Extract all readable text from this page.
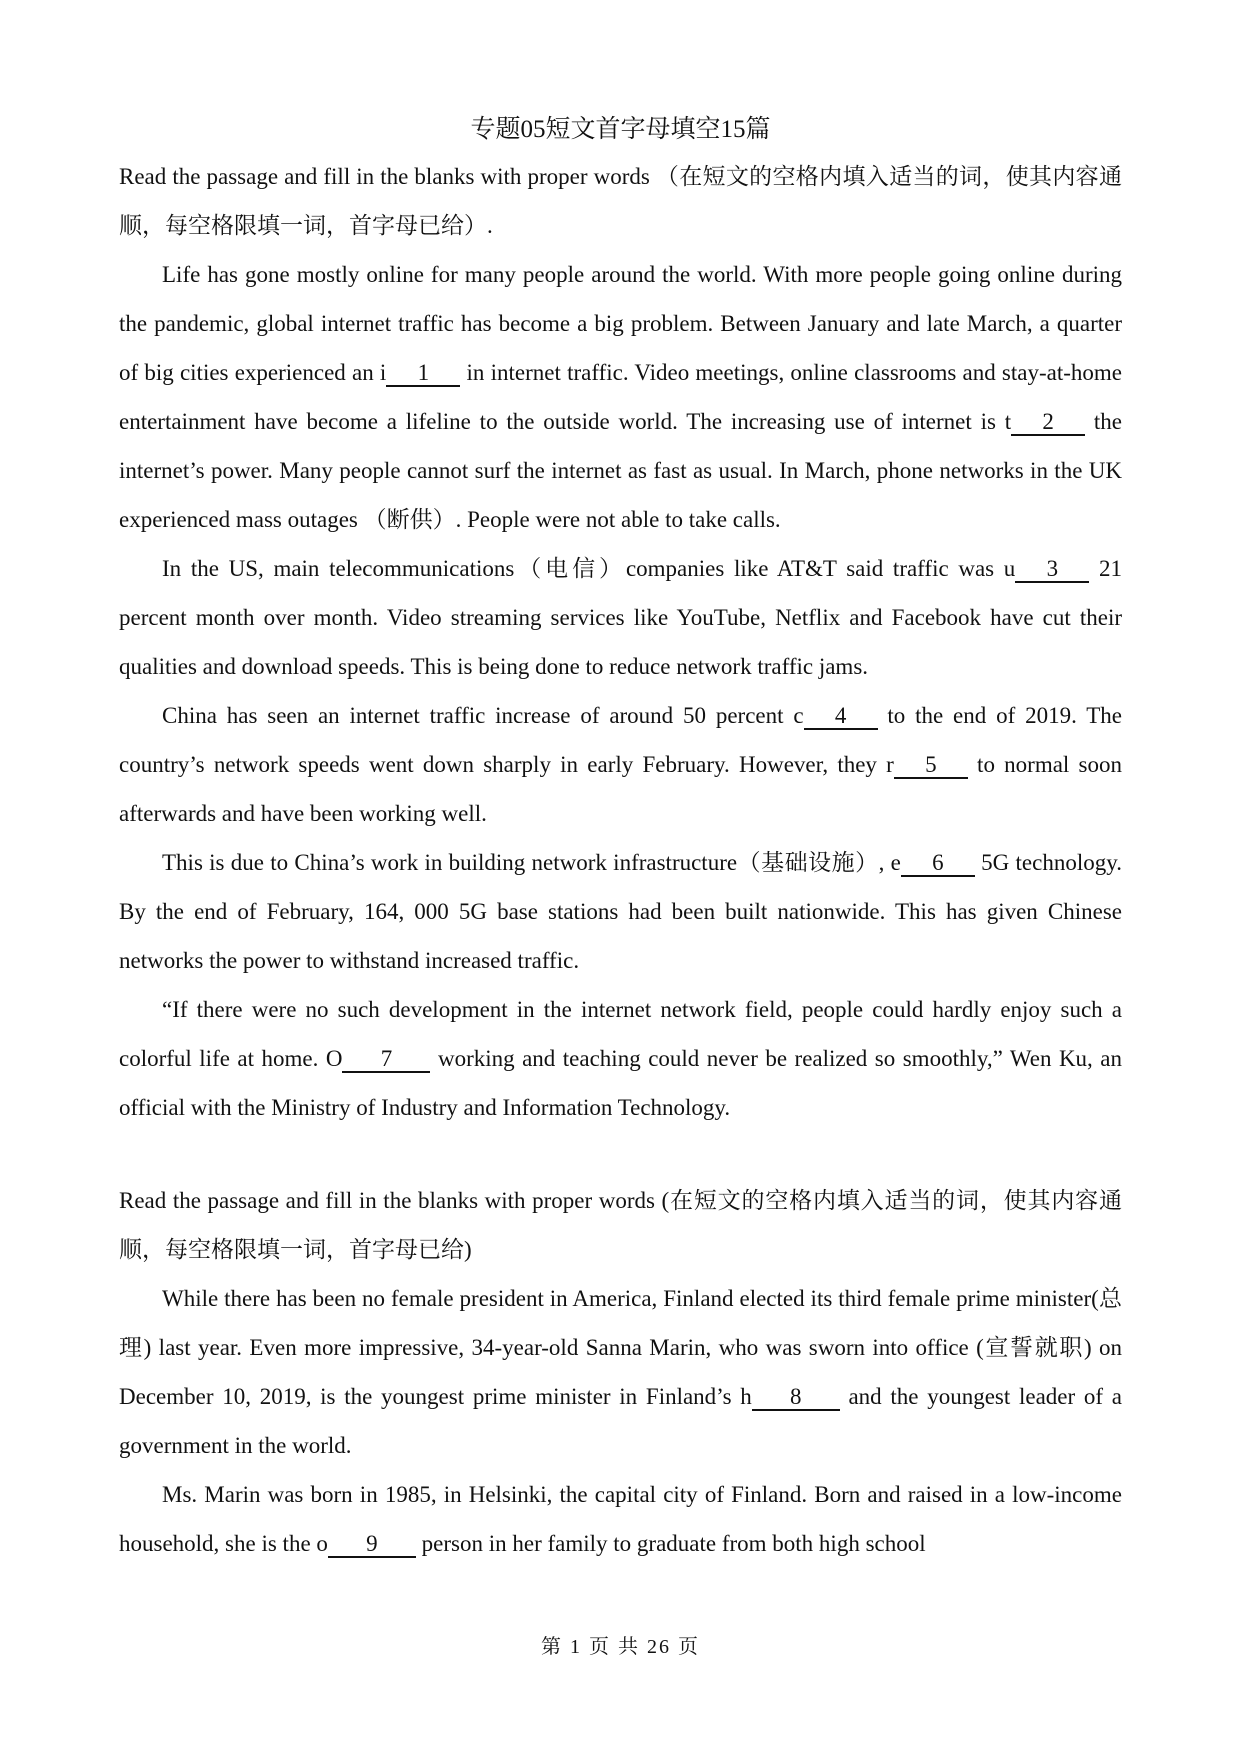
专题05短文首字母填空15篇

Read the passage and fill in the blanks with proper words （在短文的空格内填入适当的词，使其内容通顺，每空格限填一词，首字母已给）.

Life has gone mostly online for many people around the world. With more people going online during the pandemic, global internet traffic has become a big problem. Between January and late March, a quarter of big cities experienced an i 1 in internet traffic. Video meetings, online classrooms and stay-at-home entertainment have become a lifeline to the outside world. The increasing use of internet is t 2 the internet’s power. Many people cannot surf the internet as fast as usual. In March, phone networks in the UK experienced mass outages （断供）. People were not able to take calls.

In the US, main telecommunications（电信）companies like AT&T said traffic was u 3 21 percent month over month. Video streaming services like YouTube, Netflix and Facebook have cut their qualities and download speeds. This is being done to reduce network traffic jams.

China has seen an internet traffic increase of around 50 percent c 4 to the end of 2019. The country’s network speeds went down sharply in early February. However, they r 5 to normal soon afterwards and have been working well.

This is due to China’s work in building network infrastructure（基础设施）, e 6 5G technology. By the end of February, 164, 000 5G base stations had been built nationwide. This has given Chinese networks the power to withstand increased traffic.

“If there were no such development in the internet network field, people could hardly enjoy such a colorful life at home. O 7 working and teaching could never be realized so smoothly,” Wen Ku, an official with the Ministry of Industry and Information Technology.

Read the passage and fill in the blanks with proper words (在短文的空格内填入适当的词，使其内容通顺，每空格限填一词，首字母已给)

While there has been no female president in America, Finland elected its third female prime minister(总理) last year. Even more impressive, 34-year-old Sanna Marin, who was sworn into office (宣誓就职) on December 10, 2019, is the youngest prime minister in Finland’s h 8 and the youngest leader of a government in the world.

Ms. Marin was born in 1985, in Helsinki, the capital city of Finland. Born and raised in a low-income household, she is the o 9 person in her family to graduate from both high school

第 1 页 共 26 页
